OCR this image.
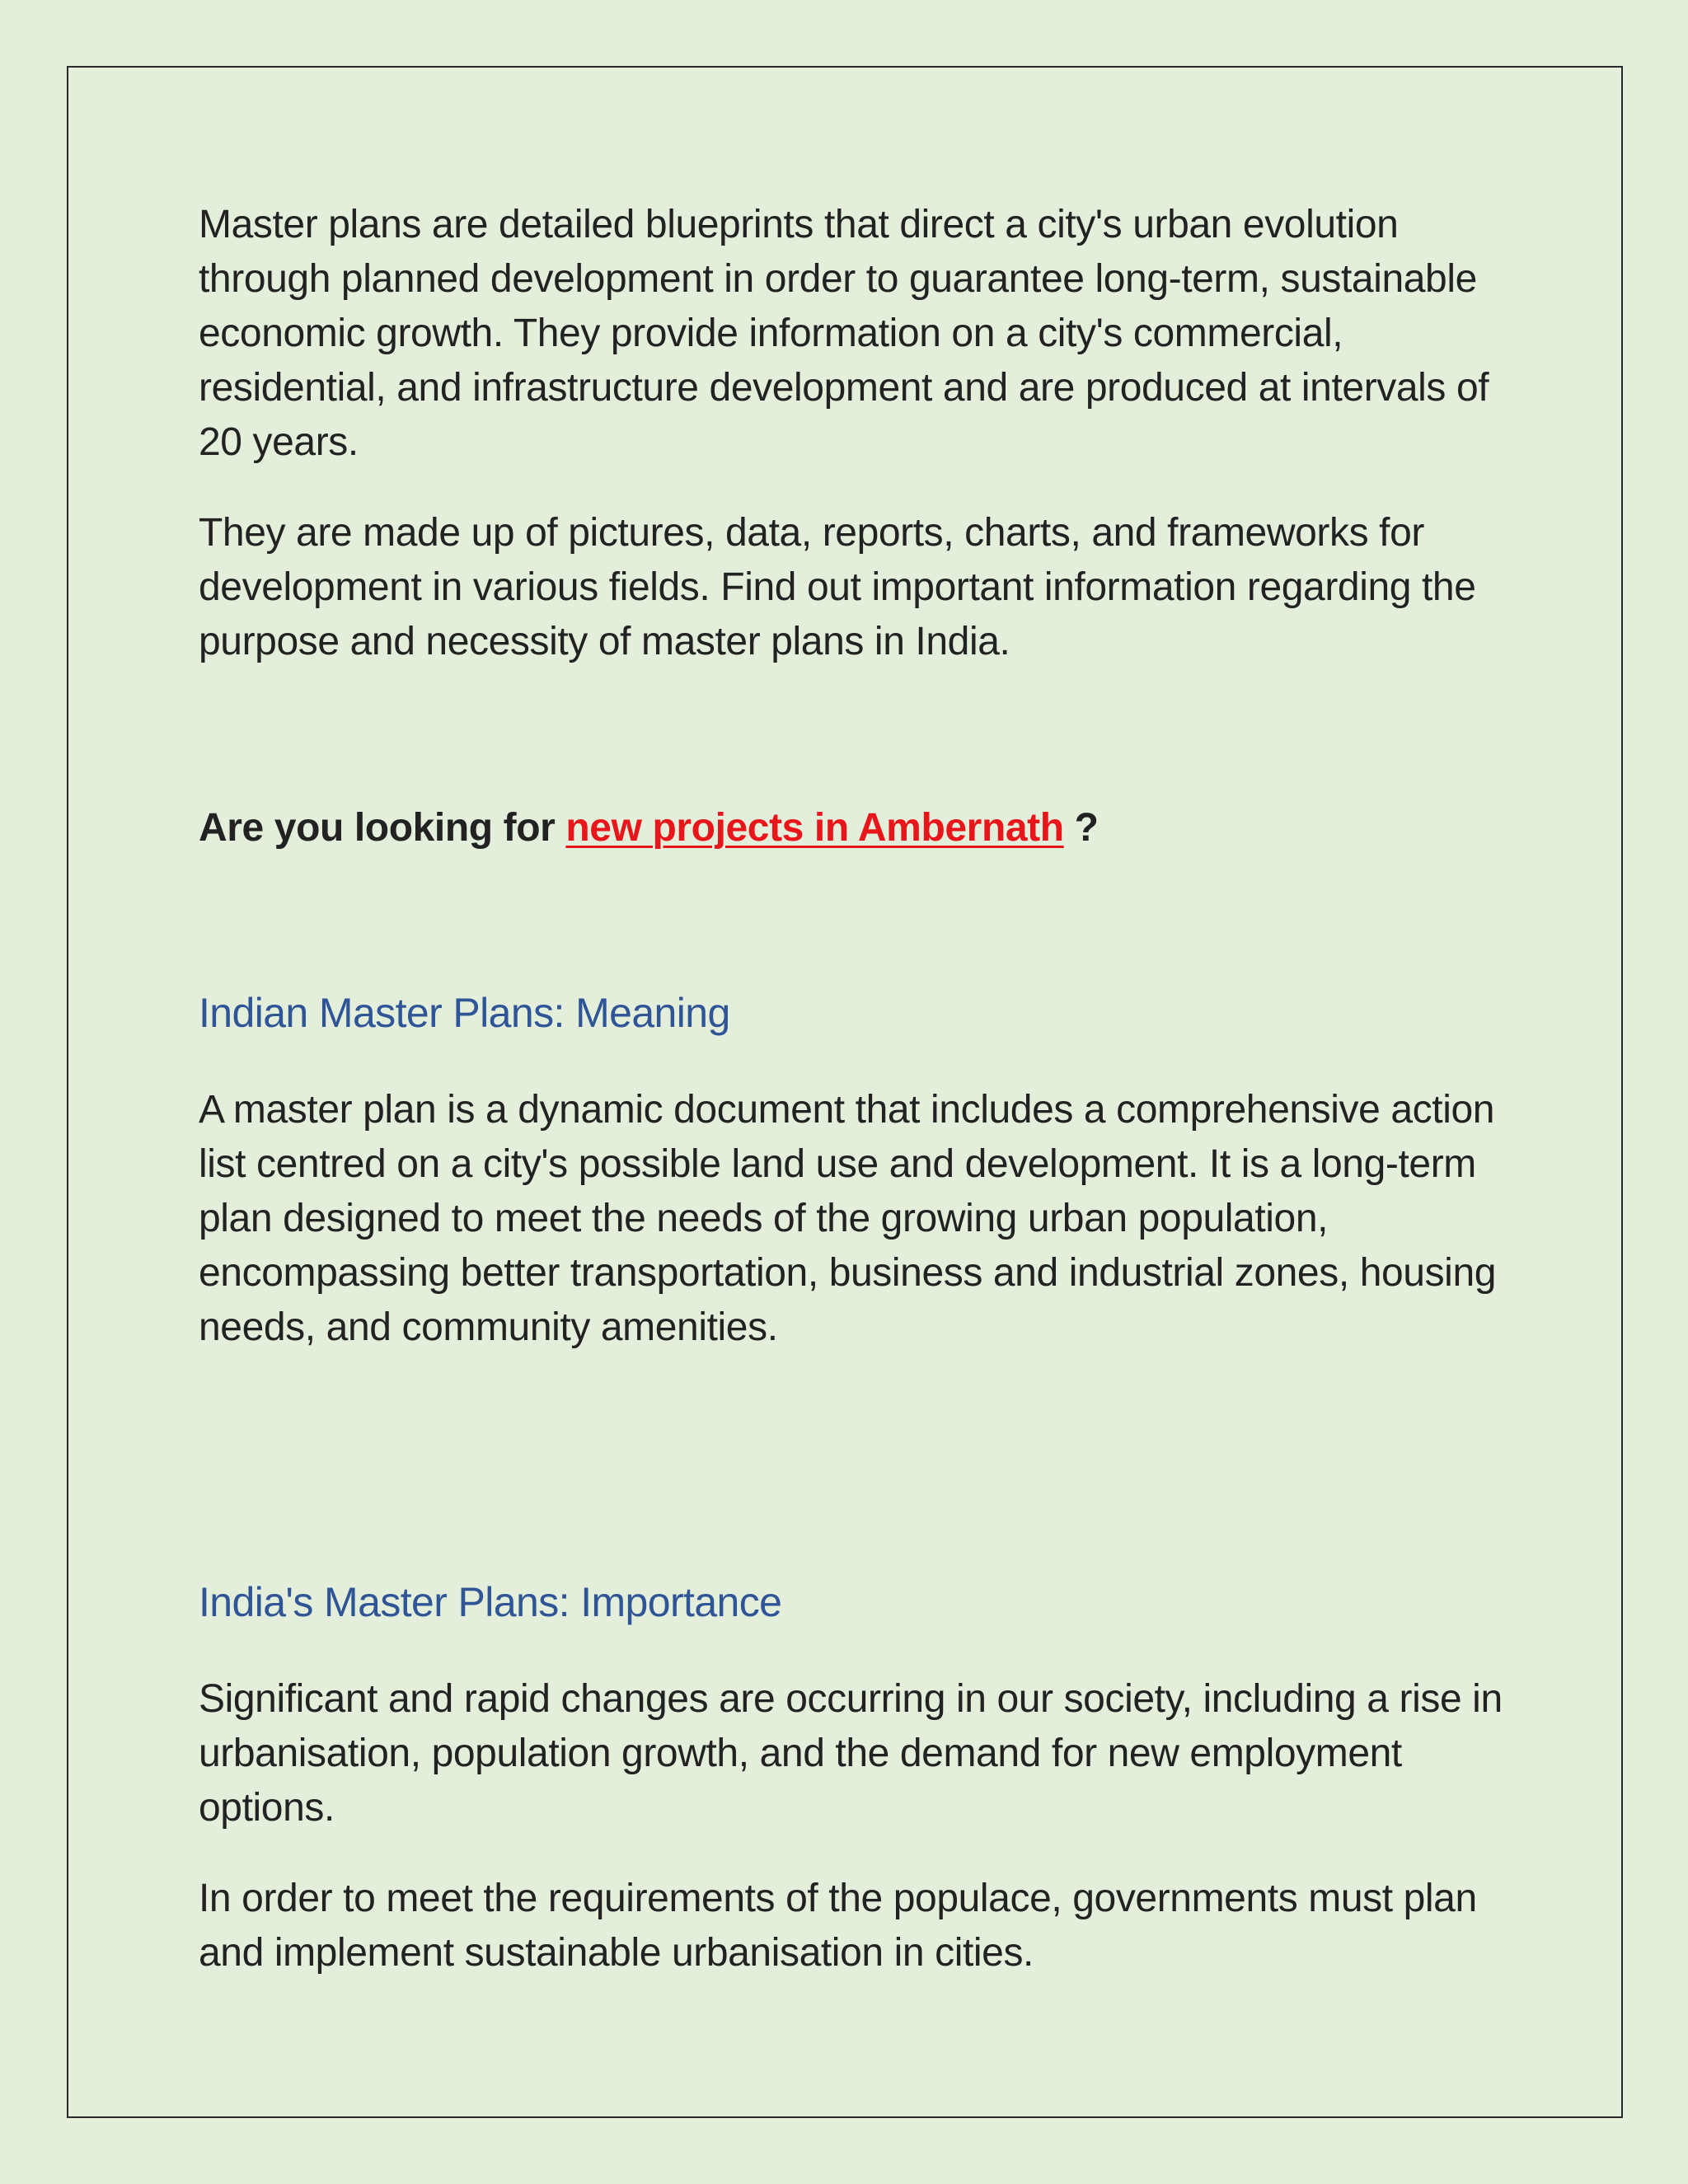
Master plans are detailed blueprints that direct a city's urban evolution through planned development in order to guarantee long-term, sustainable economic growth. They provide information on a city's commercial, residential, and infrastructure development and are produced at intervals of 20 years.

They are made up of pictures, data, reports, charts, and frameworks for development in various fields. Find out important information regarding the purpose and necessity of master plans in India.

Are you looking for new projects in Ambernath ?

Indian Master Plans: Meaning

A master plan is a dynamic document that includes a comprehensive action list centred on a city's possible land use and development. It is a long-term plan designed to meet the needs of the growing urban population, encompassing better transportation, business and industrial zones, housing needs, and community amenities.

India's Master Plans: Importance

Significant and rapid changes are occurring in our society, including a rise in urbanisation, population growth, and the demand for new employment options.

In order to meet the requirements of the populace, governments must plan and implement sustainable urbanisation in cities.
